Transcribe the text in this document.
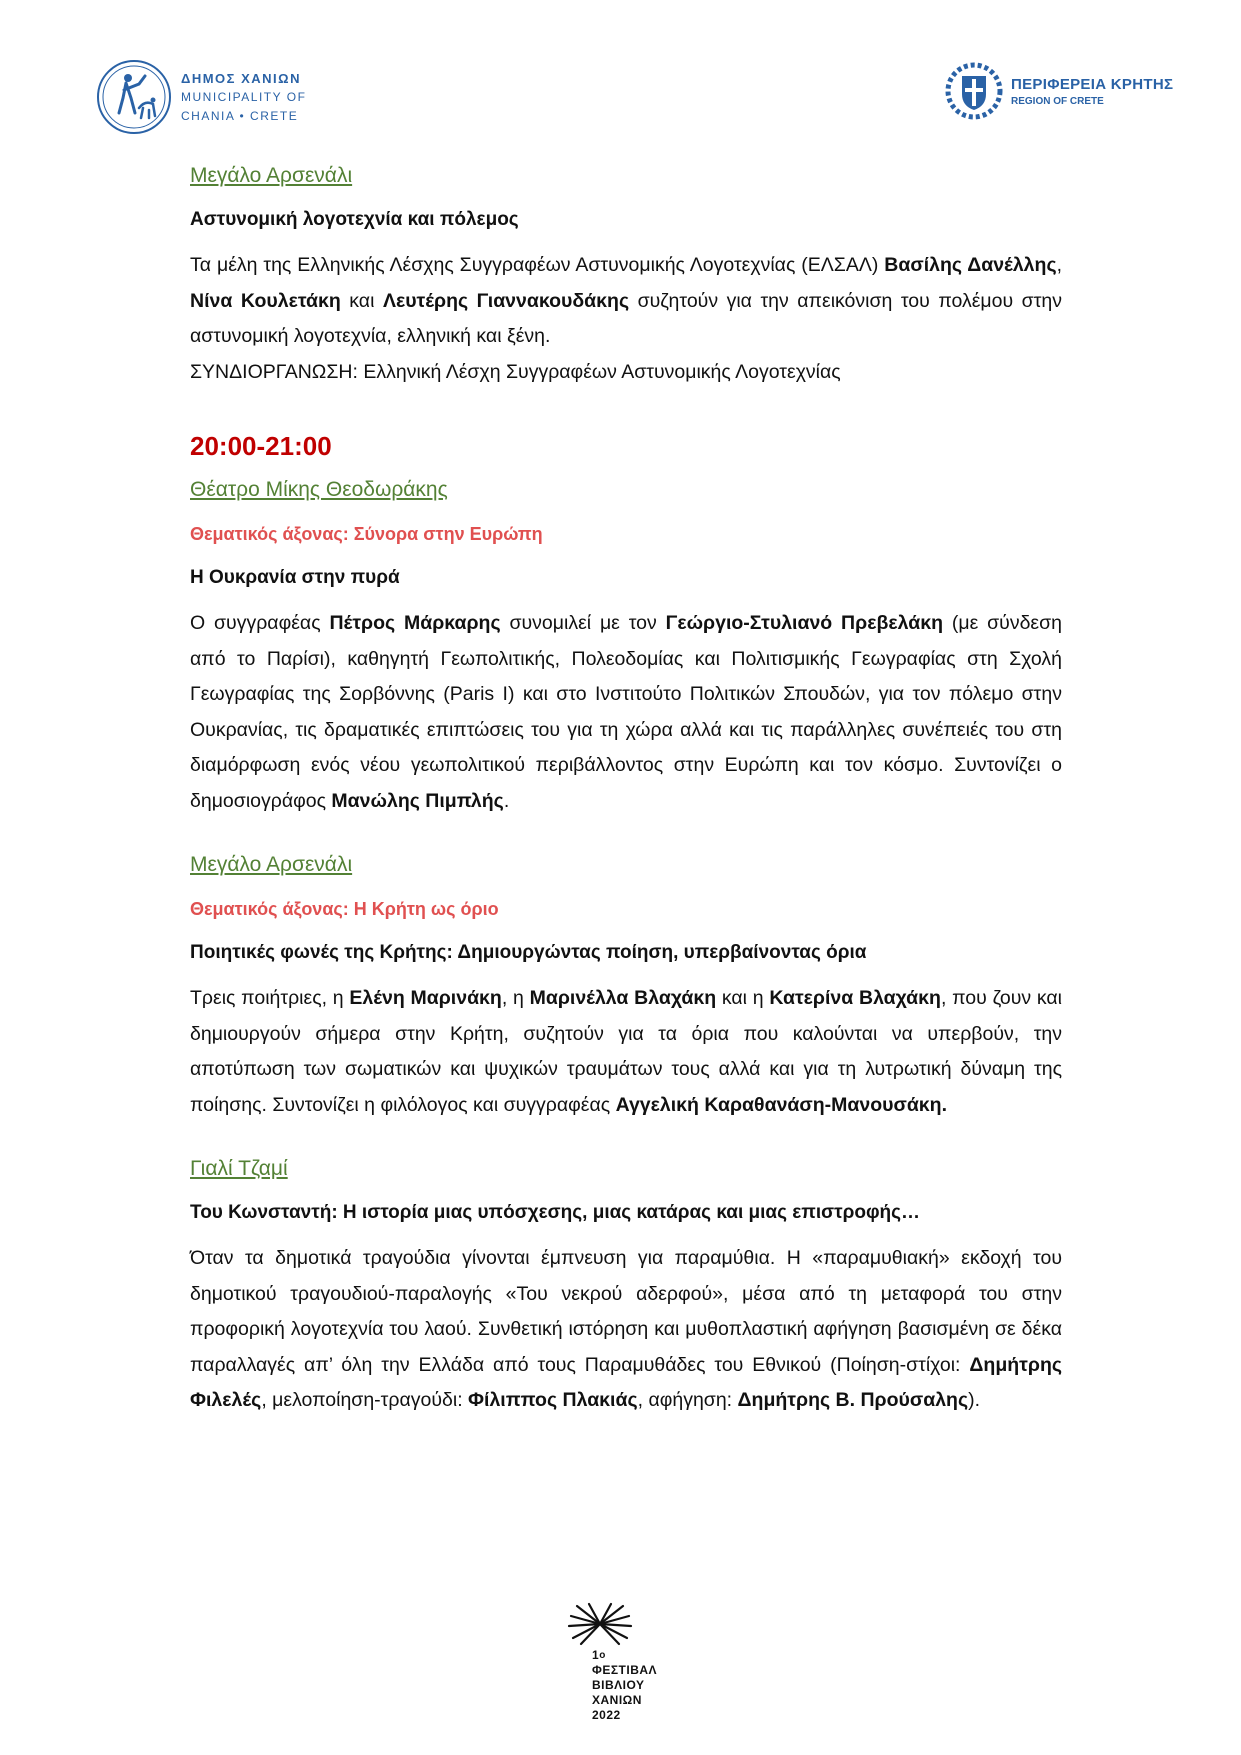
ΔΗΜΟΣ ΧΑΝΙΩΝ
MUNICIPALITY OF
CHANIA • CRETE
ΠΕΡΙΦΕΡΕΙΑ ΚΡΗΤΗΣ
REGION OF CRETE
Μεγάλο Αρσενάλι
Αστυνομική λογοτεχνία και πόλεμος

Τα μέλη της Ελληνικής Λέσχης Συγγραφέων Αστυνομικής Λογοτεχνίας (ΕΛΣΑΛ) Βασίλης Δανέλλης, Νίνα Κουλετάκη και Λευτέρης Γιαννακουδάκης συζητούν για την απεικόνιση του πολέμου στην αστυνομική λογοτεχνία, ελληνική και ξένη.

ΣΥΝΔΙΟΡΓΑΝΩΣΗ: Ελληνική Λέσχη Συγγραφέων Αστυνομικής Λογοτεχνίας

20:00-21:00
Θέατρο Μίκης Θεοδωράκης
Θεματικός άξονας: Σύνορα στην Ευρώπη
Η Ουκρανία στην πυρά

Ο συγγραφέας Πέτρος Μάρκαρης συνομιλεί με τον Γεώργιο-Στυλιανό Πρεβελάκη (με σύνδεση από το Παρίσι), καθηγητή Γεωπολιτικής, Πολεοδομίας και Πολιτισμικής Γεωγραφίας στη Σχολή Γεωγραφίας της Σορβόννης (Paris I) και στο Ινστιτούτο Πολιτικών Σπουδών, για τον πόλεμο στην Ουκρανίας, τις δραματικές επιπτώσεις του για τη χώρα αλλά και τις παράλληλες συνέπειές του στη διαμόρφωση ενός νέου γεωπολιτικού περιβάλλοντος στην Ευρώπη και τον κόσμο. Συντονίζει ο δημοσιογράφος Μανώλης Πιμπλής.

Μεγάλο Αρσενάλι
Θεματικός άξονας: Η Κρήτη ως όριο
Ποιητικές φωνές της Κρήτης: Δημιουργώντας ποίηση, υπερβαίνοντας όρια

Τρεις ποιήτριες, η Ελένη Μαρινάκη, η Μαρινέλλα Βλαχάκη και η Κατερίνα Βλαχάκη, που ζουν και δημιουργούν σήμερα στην Κρήτη, συζητούν για τα όρια που καλούνται να υπερβούν, την αποτύπωση των σωματικών και ψυχικών τραυμάτων τους αλλά και για τη λυτρωτική δύναμη της ποίησης. Συντονίζει η φιλόλογος και συγγραφέας Αγγελική Καραθανάση-Μανουσάκη.

Γιαλί Τζαμί
Του Κωνσταντή: Η ιστορία μιας υπόσχεσης, μιας κατάρας και μιας επιστροφής…

Όταν τα δημοτικά τραγούδια γίνονται έμπνευση για παραμύθια. Η «παραμυθιακή» εκδοχή του δημοτικού τραγουδιού-παραλογής «Του νεκρού αδερφού», μέσα από τη μεταφορά του στην προφορική λογοτεχνία του λαού. Συνθετική ιστόρηση και μυθοπλαστική αφήγηση βασισμένη σε δέκα παραλλαγές απ’ όλη την Ελλάδα από τους Παραμυθάδες του Εθνικού (Ποίηση-στίχοι: Δημήτρης Φιλελές, μελοποίηση-τραγούδι: Φίλιππος Πλακιάς, αφήγηση: Δημήτρης Β. Προύσαλης).

$1^o$
ΦΕΣΤΙΒΑΛ
ΒΙΒΛΙΟΥ
ΧΑΝΙΩΝ
2022
